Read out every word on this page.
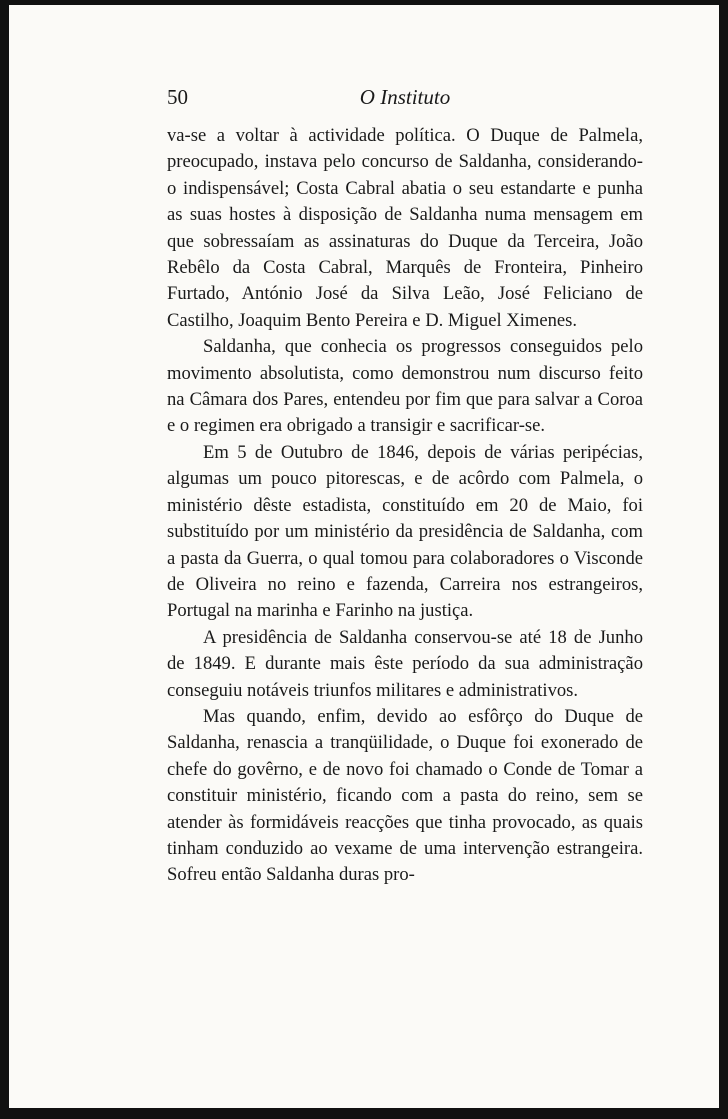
50	O Instituto

va-se a voltar à actividade política. O Duque de Palmela, preocupado, instava pelo concurso de Saldanha, considerando-o indispensável; Costa Cabral abatia o seu estandarte e punha as suas hostes à disposição de Saldanha numa mensagem em que sobressaíam as assinaturas do Duque da Terceira, João Rebêlo da Costa Cabral, Marquês de Fronteira, Pinheiro Furtado, António José da Silva Leão, José Feliciano de Castilho, Joaquim Bento Pereira e D. Miguel Ximenes.

Saldanha, que conhecia os progressos conseguidos pelo movimento absolutista, como demonstrou num discurso feito na Câmara dos Pares, entendeu por fim que para salvar a Coroa e o regimen era obrigado a transigir e sacrificar-se.

Em 5 de Outubro de 1846, depois de várias peripécias, algumas um pouco pitorescas, e de acôrdo com Palmela, o ministério dêste estadista, constituído em 20 de Maio, foi substituído por um ministério da presidência de Saldanha, com a pasta da Guerra, o qual tomou para colaboradores o Visconde de Oliveira no reino e fazenda, Carreira nos estrangeiros, Portugal na marinha e Farinho na justiça.

A presidência de Saldanha conservou-se até 18 de Junho de 1849. E durante mais êste período da sua administração conseguiu notáveis triunfos militares e administrativos.

Mas quando, enfim, devido ao esfôrço do Duque de Saldanha, renascia a tranqüilidade, o Duque foi exonerado de chefe do govêrno, e de novo foi chamado o Conde de Tomar a constituir ministério, ficando com a pasta do reino, sem se atender às formidáveis reacções que tinha provocado, as quais tinham conduzido ao vexame de uma intervenção estrangeira. Sofreu então Saldanha duras pro-
